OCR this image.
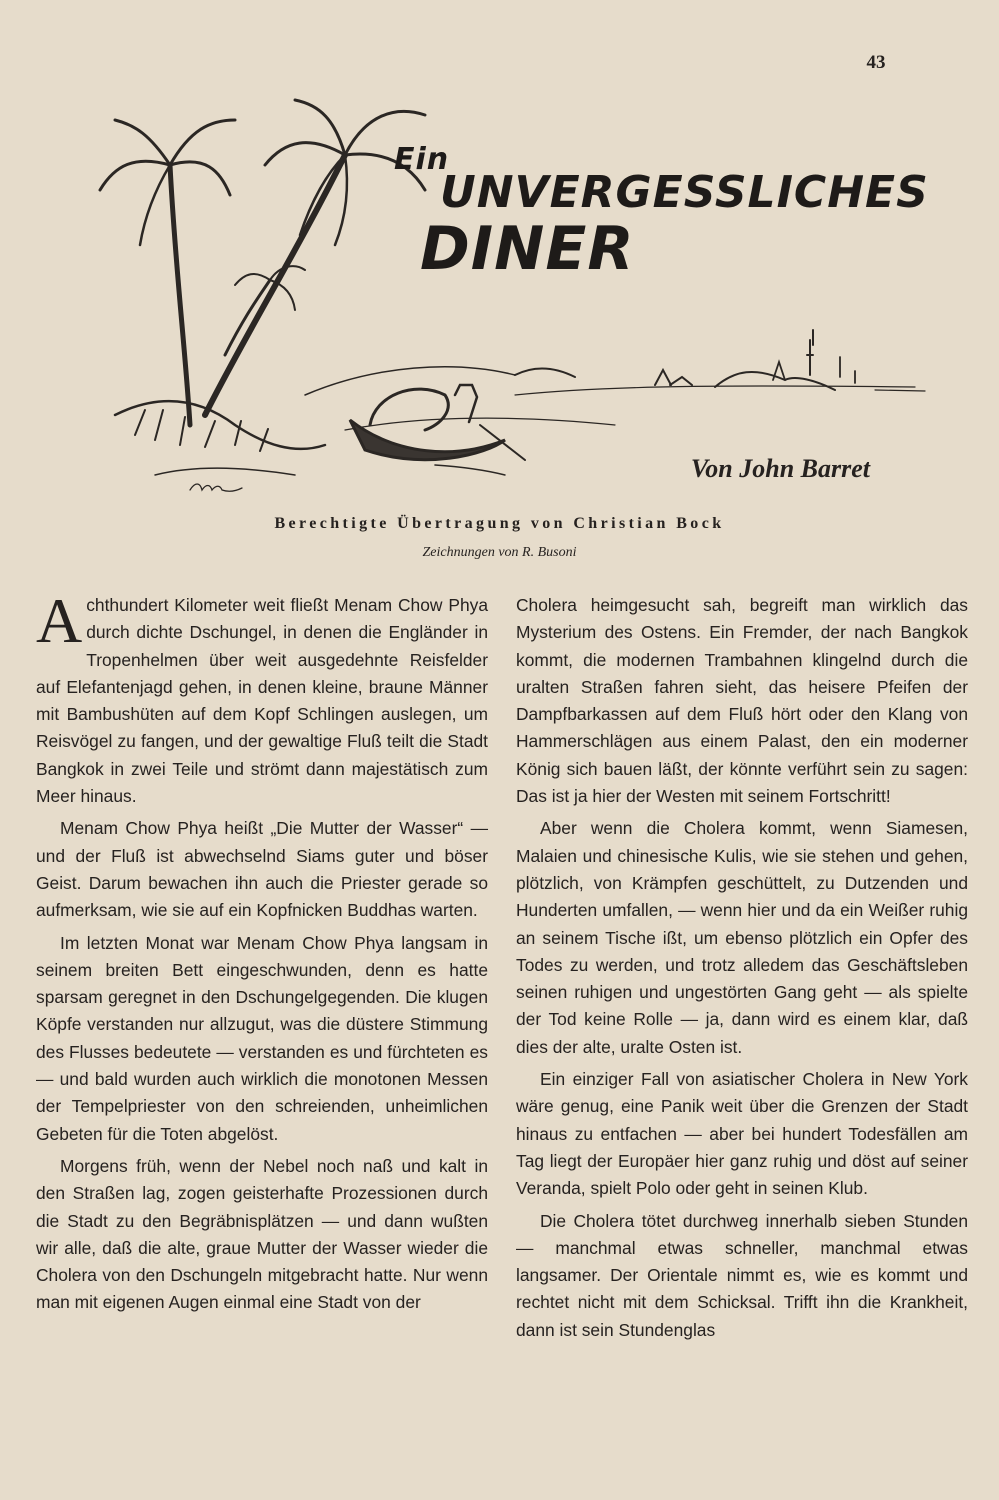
43
Ein
UNVERGESSLICHES
DINER
Von John Barret
Berechtigte Übertragung von Christian Bock
Zeichnungen von R. Busoni

Achthundert Kilometer weit fließt Menam Chow Phya durch dichte Dschungel, in denen die Engländer in Tropenhelmen über weit ausgedehnte Reisfelder auf Elefantenjagd gehen, in denen kleine, braune Männer mit Bambushüten auf dem Kopf Schlingen auslegen, um Reisvögel zu fangen, und der gewaltige Fluß teilt die Stadt Bangkok in zwei Teile und strömt dann majestätisch zum Meer hinaus.

Menam Chow Phya heißt „Die Mutter der Wasser“ — und der Fluß ist abwechselnd Siams guter und böser Geist. Darum bewachen ihn auch die Priester gerade so aufmerksam, wie sie auf ein Kopfnicken Buddhas warten.

Im letzten Monat war Menam Chow Phya langsam in seinem breiten Bett eingeschwunden, denn es hatte sparsam geregnet in den Dschungelgegenden. Die klugen Köpfe verstanden nur allzugut, was die düstere Stimmung des Flusses bedeutete — verstanden es und fürchteten es — und bald wurden auch wirklich die monotonen Messen der Tempelpriester von den schreienden, unheimlichen Gebeten für die Toten abgelöst.

Morgens früh, wenn der Nebel noch naß und kalt in den Straßen lag, zogen geisterhafte Prozessionen durch die Stadt zu den Begräbnisplätzen — und dann wußten wir alle, daß die alte, graue Mutter der Wasser wieder die Cholera von den Dschungeln mitgebracht hatte. Nur wenn man mit eigenen Augen einmal eine Stadt von der

Cholera heimgesucht sah, begreift man wirklich das Mysterium des Ostens. Ein Fremder, der nach Bangkok kommt, die modernen Trambahnen klingelnd durch die uralten Straßen fahren sieht, das heisere Pfeifen der Dampfbarkassen auf dem Fluß hört oder den Klang von Hammerschlägen aus einem Palast, den ein moderner König sich bauen läßt, der könnte verführt sein zu sagen: Das ist ja hier der Westen mit seinem Fortschritt!

Aber wenn die Cholera kommt, wenn Siamesen, Malaien und chinesische Kulis, wie sie stehen und gehen, plötzlich, von Krämpfen geschüttelt, zu Dutzenden und Hunderten umfallen, — wenn hier und da ein Weißer ruhig an seinem Tische ißt, um ebenso plötzlich ein Opfer des Todes zu werden, und trotz alledem das Geschäftsleben seinen ruhigen und ungestörten Gang geht — als spielte der Tod keine Rolle — ja, dann wird es einem klar, daß dies der alte, uralte Osten ist.

Ein einziger Fall von asiatischer Cholera in New York wäre genug, eine Panik weit über die Grenzen der Stadt hinaus zu entfachen — aber bei hundert Todesfällen am Tag liegt der Europäer hier ganz ruhig und döst auf seiner Veranda, spielt Polo oder geht in seinen Klub.

Die Cholera tötet durchweg innerhalb sieben Stunden — manchmal etwas schneller, manchmal etwas langsamer. Der Orientale nimmt es, wie es kommt und rechtet nicht mit dem Schicksal. Trifft ihn die Krankheit, dann ist sein Stundenglas
